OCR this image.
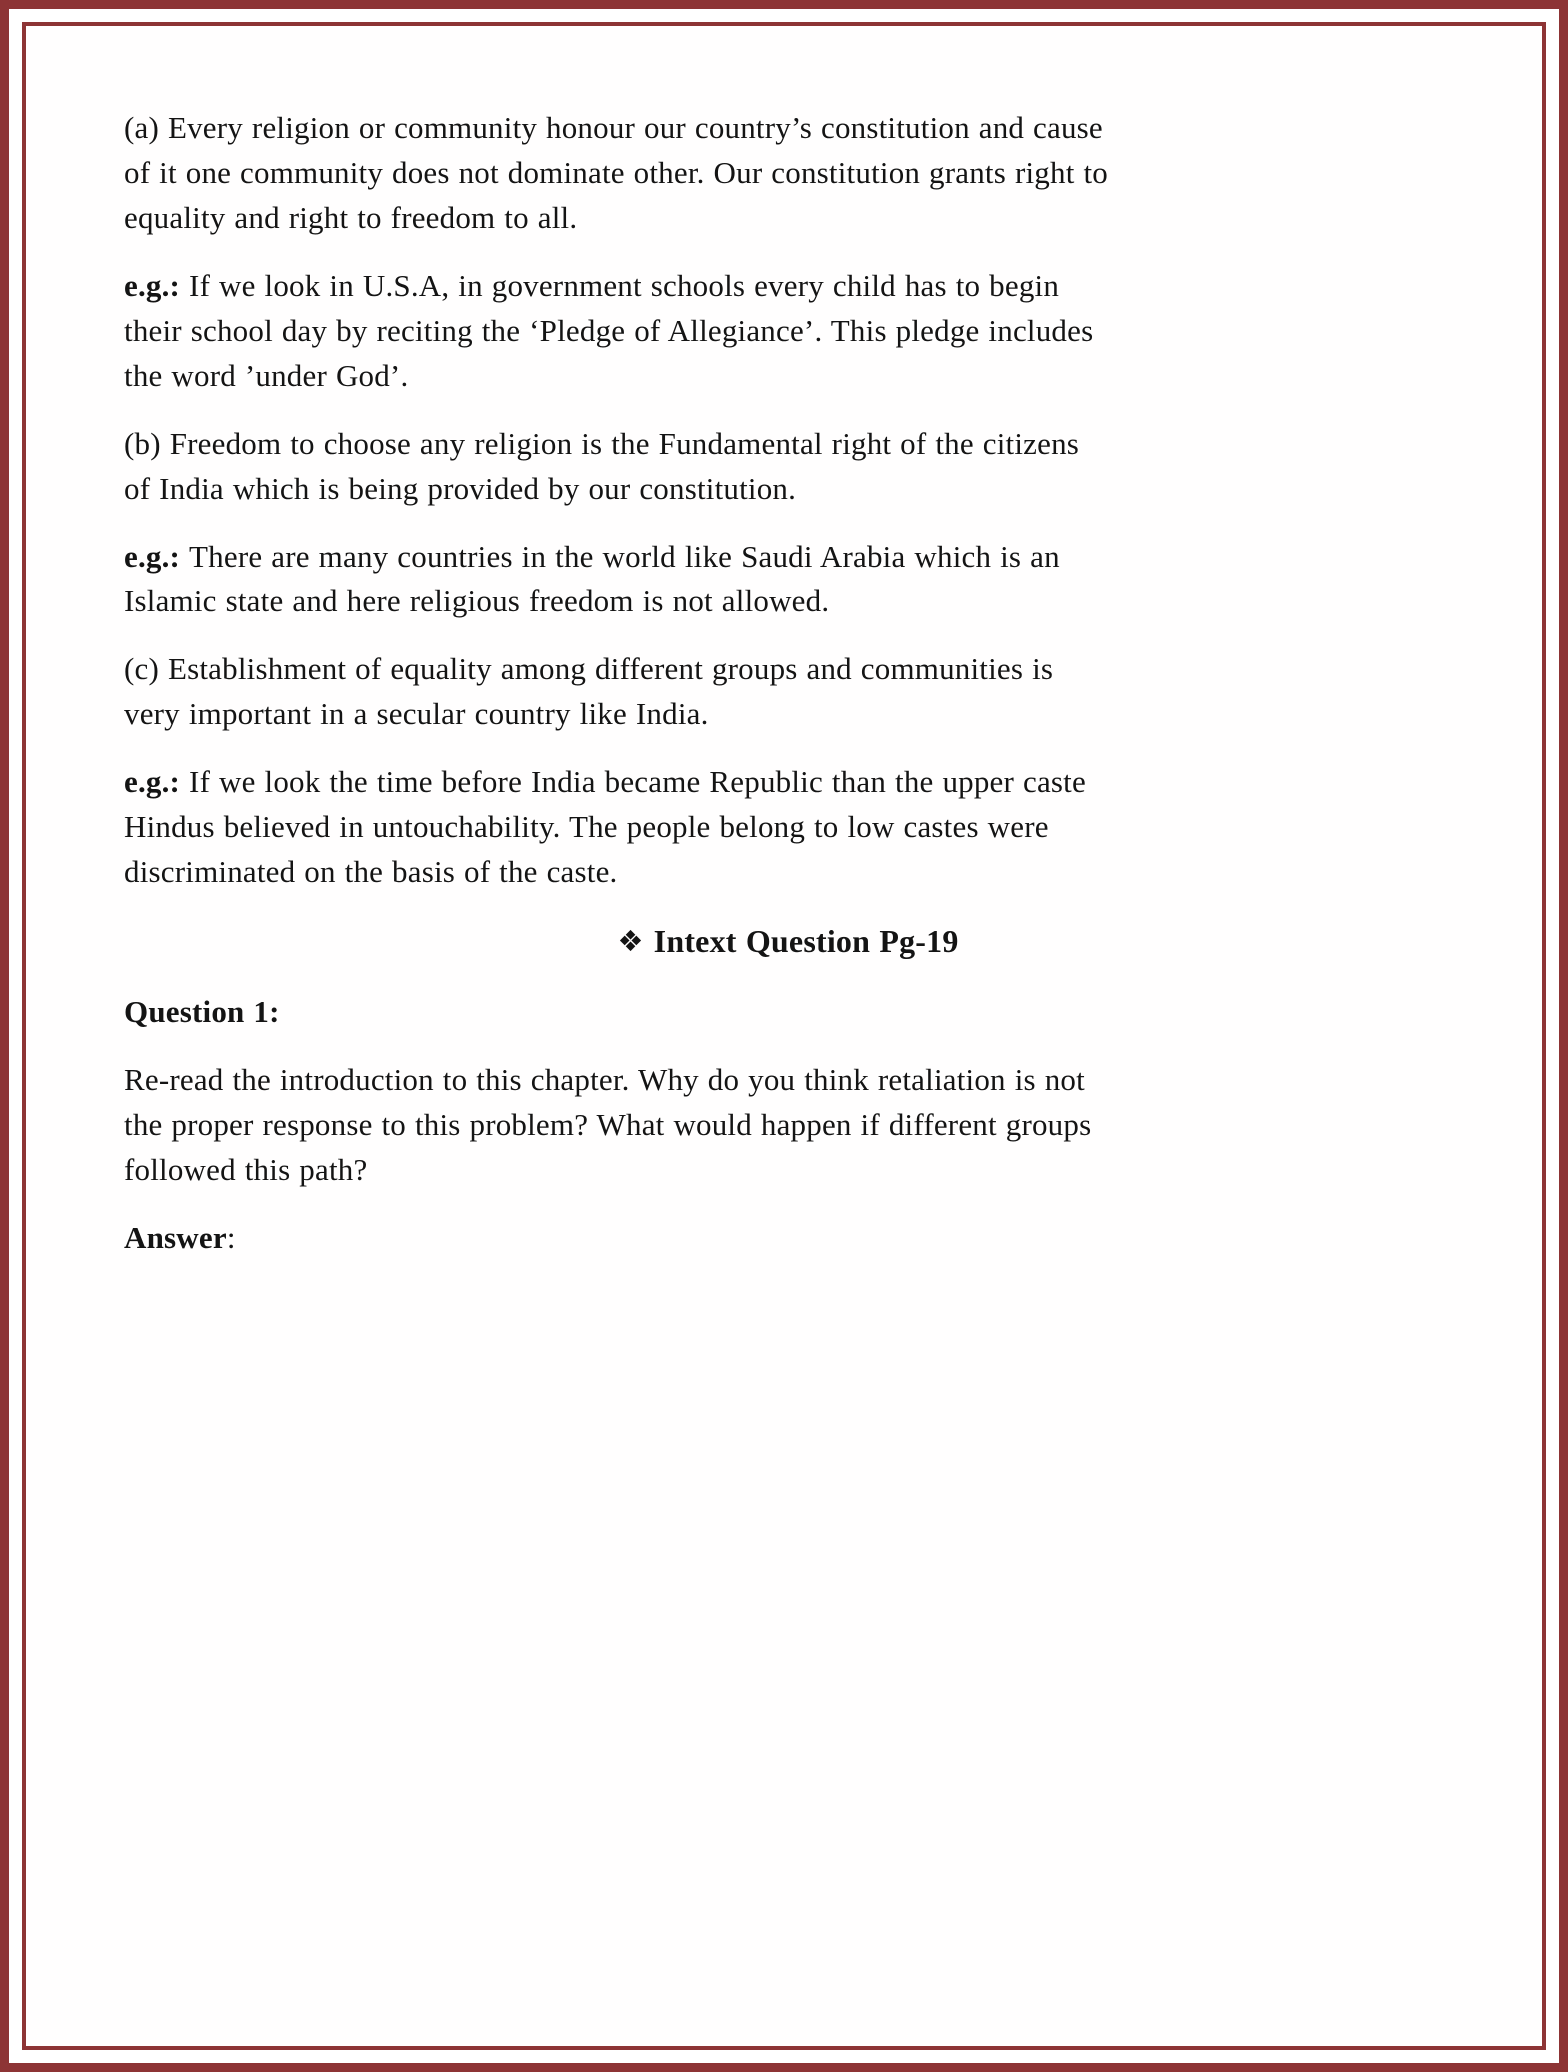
(a) Every religion or community honour our country’s constitution and cause of it one community does not dominate other. Our constitution grants right to equality and right to freedom to all.

e.g.: If we look in U.S.A, in government schools every child has to begin their school day by reciting the ‘Pledge of Allegiance’. This pledge includes the word ’under God’.

(b) Freedom to choose any religion is the Fundamental right of the citizens of India which is being provided by our constitution.

e.g.: There are many countries in the world like Saudi Arabia which is an Islamic state and here religious freedom is not allowed.

(c) Establishment of equality among different groups and communities is very important in a secular country like India.

e.g.: If we look the time before India became Republic than the upper caste Hindus believed in untouchability. The people belong to low castes were discriminated on the basis of the caste.

❖ Intext Question Pg-19

Question 1:

Re-read the introduction to this chapter. Why do you think retaliation is not the proper response to this problem? What would happen if different groups followed this path?

Answer:
